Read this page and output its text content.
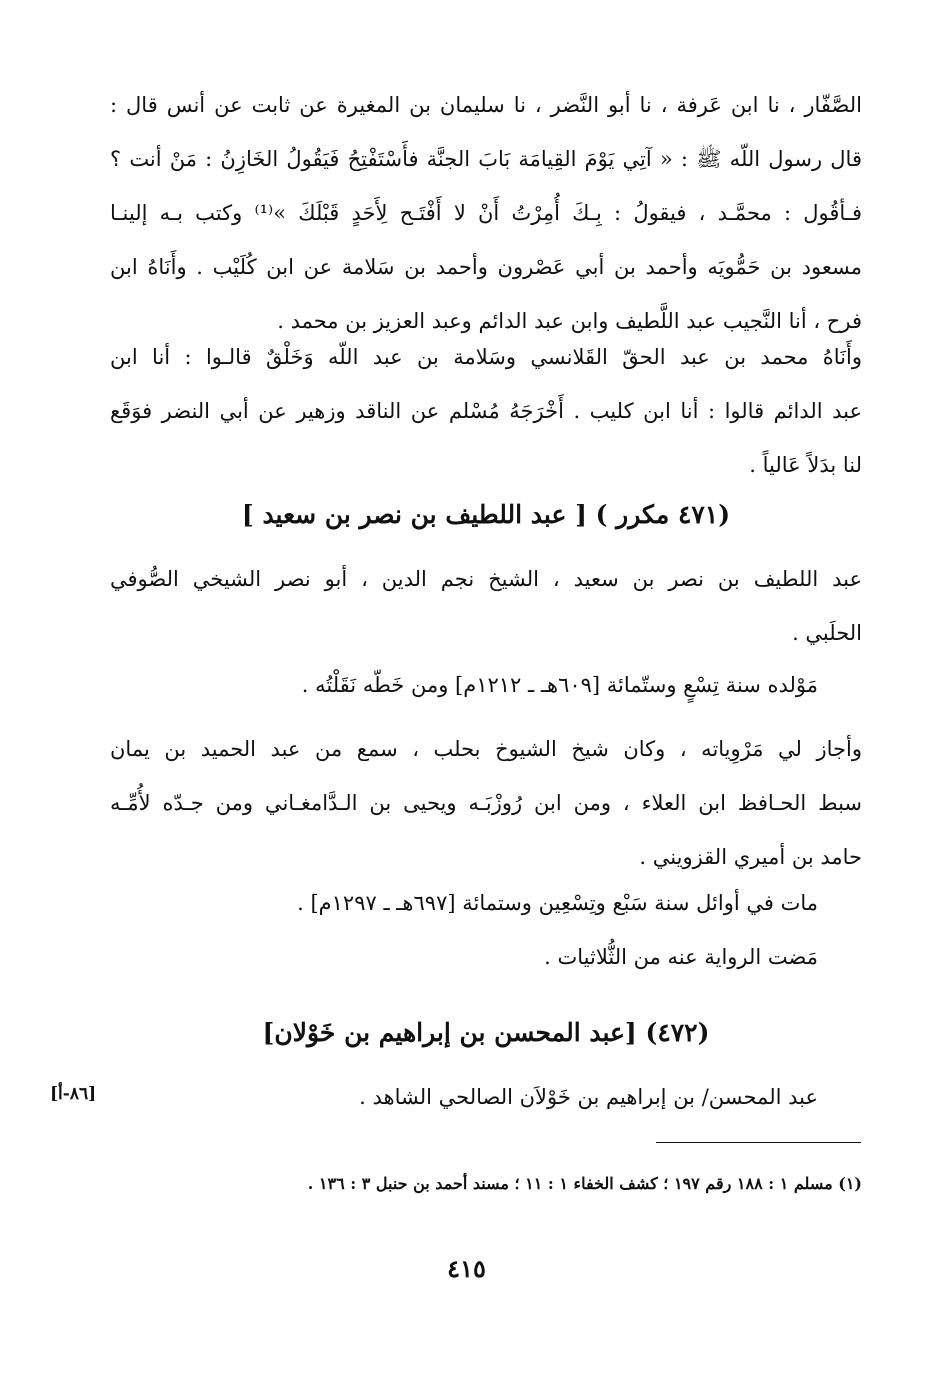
الصَّفّار ، نا ابن عَرفة ، نا أبو النَّضر ، نا سليمان بن المغيرة عن ثابت عن أنس قال :
قال رسول اللّه ﷺ : « آتِي يَوْمَ القِيامَة بَابَ الجنَّة فأَسْتَفْتِحُ فَيَقُولُ الخَازِنُ : مَنْ أنت ؟
فـأقُول : محمَّـد ، فيقولُ : بِـكَ أُمِرْتُ أَنْ لا أَفْتَـح لِأَحَدٍ قَبْلَكَ »⁽¹⁾ وكتب بـه إلينـا
مسعود بن حَمُّويَه وأحمد بن أبي عَصْرون وأحمد بن سَلامة عن ابن كُلَيْب . وأَنَاهُ ابن
فرح ، أنا النَّجيب عبد اللَّطيف وابن عبد الدائم وعبد العزيز بن محمد .
وأَنَاهُ محمد بن عبد الحقّ القَلانسي وسَلامة بن عبد اللّه وَخَلْقٌ قالـوا : أنا ابن
عبد الدائم قالوا : أنا ابن كليب . أَخْرَجَهُ مُسْلم عن الناقد وزهير عن أبي النضر فوَقَع
لنا بدَلاً عَالياً .
(٤٧١ مكرر ) [ عبد اللطيف بن نصر بن سعيد ]
عبد اللطيف بن نصر بن سعيد ، الشيخ نجم الدين ، أبو نصر الشيخي الصُّوفي
الحلَبي .
مَوْلده سنة تِسْعٍ وستّمائة [٦٠٩هـ ـ ١٢١٢م] ومن خَطّه نَقَلْتُه .
وأجاز لي مَرْوِياته ، وكان شيخ الشيوخ بحلب ، سمع من عبد الحميد بن يمان
سبط الحـافظ ابن العلاء ، ومن ابن رُوزْبَـه ويحيى بن الـدَّامغـاني ومن جـدّه لأُمِّـه
حامد بن أميري القزويني .
مات في أوائل سنة سَبْع وتِسْعِين وستمائة [٦٩٧هـ ـ ١٢٩٧م] .
مَضت الرواية عنه من الثُّلاثيات .
(٤٧٢) [عبد المحسن بن إبراهيم بن خَوْلان]
عبد المحسن/ بن إبراهيم بن خَوْلاَن الصالحي الشاهد .
[٨٦-أ]
(١) مسلم ١ : ١٨٨ رقم ١٩٧ ؛ كشف الخفاء ١ : ١١ ؛ مسند أحمد بن حنبل ٣ : ١٣٦ .
٤١٥
